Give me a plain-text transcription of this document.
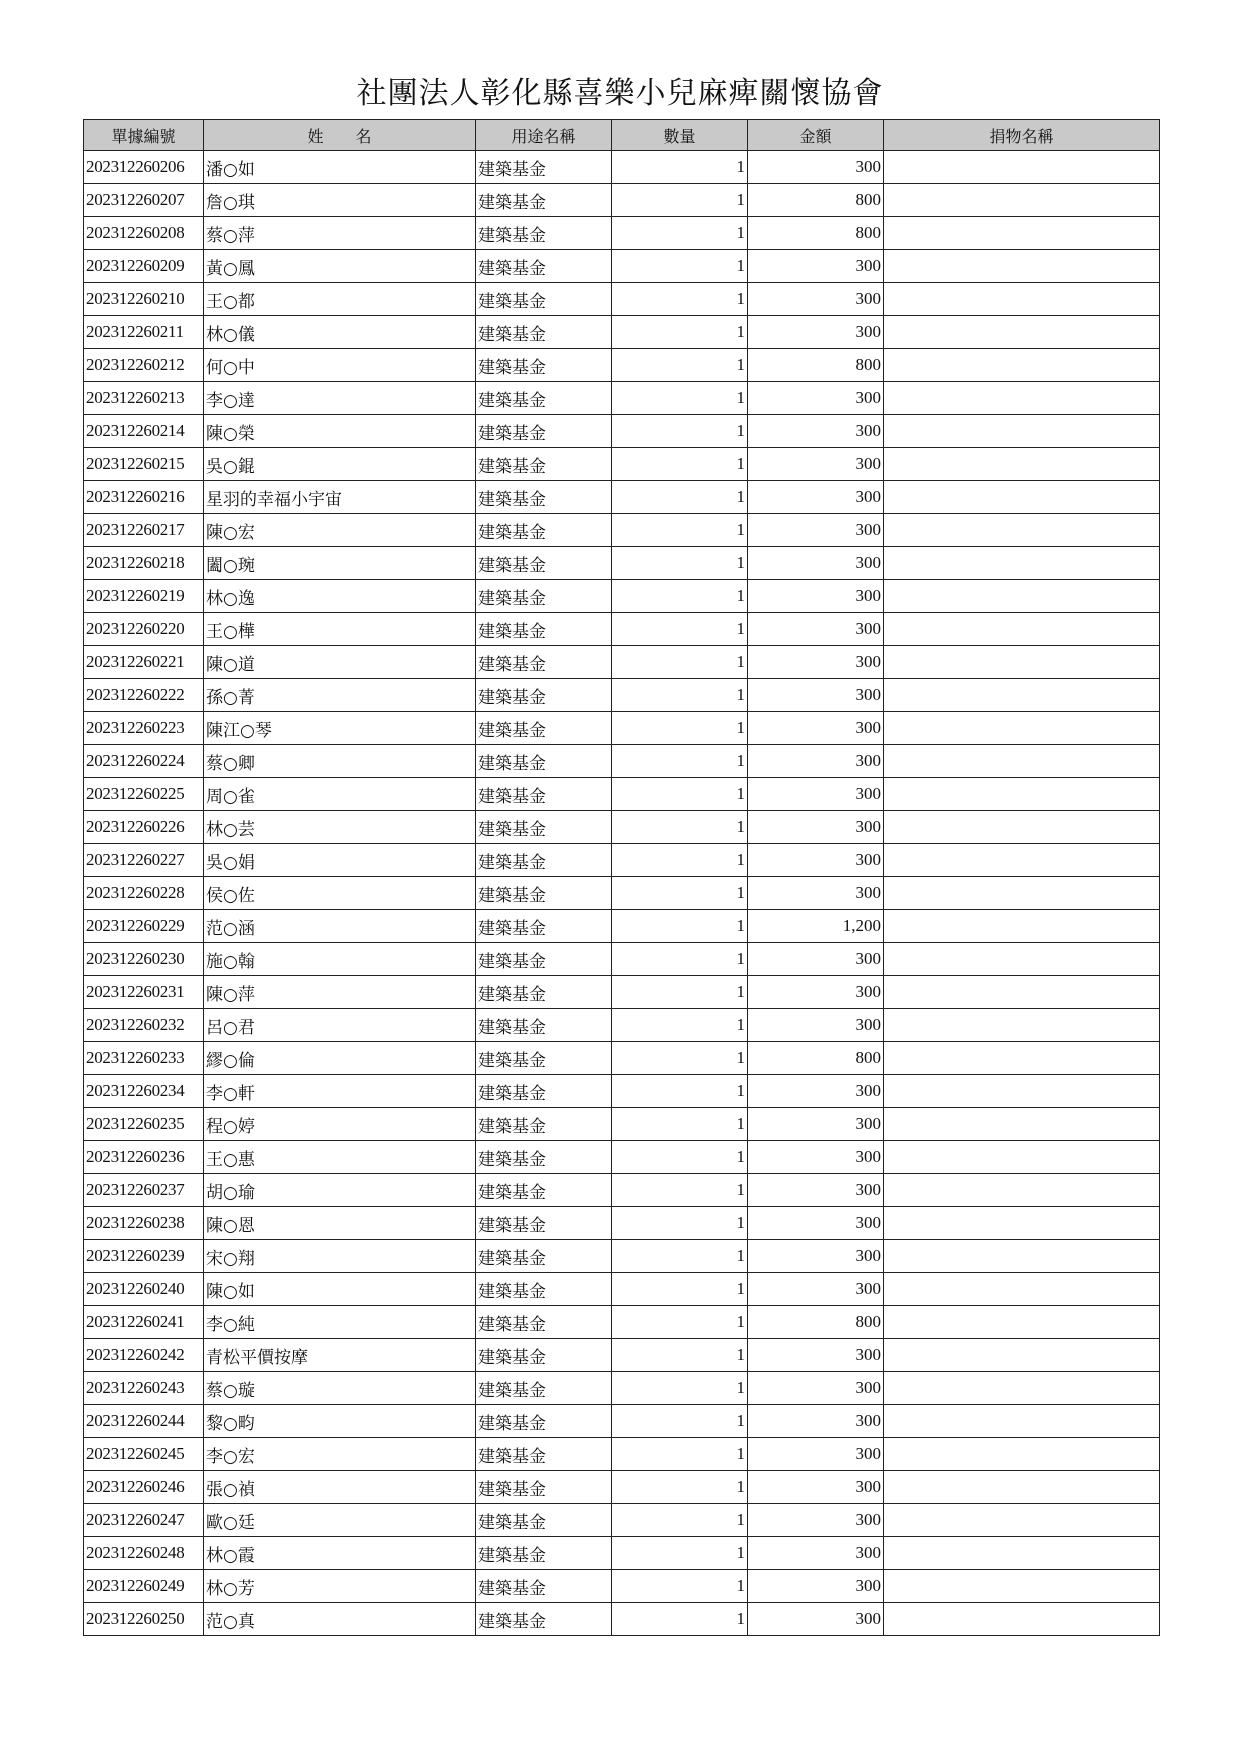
社團法人彰化縣喜樂小兒麻痺關懷協會
單據編號	姓　　名	用途名稱	數量	金額	捐物名稱
202312260206	潘○如	建築基金	1	300	
202312260207	詹○琪	建築基金	1	800	
202312260208	蔡○萍	建築基金	1	800	
202312260209	黃○鳳	建築基金	1	300	
202312260210	王○都	建築基金	1	300	
202312260211	林○儀	建築基金	1	300	
202312260212	何○中	建築基金	1	800	
202312260213	李○達	建築基金	1	300	
202312260214	陳○榮	建築基金	1	300	
202312260215	吳○錕	建築基金	1	300	
202312260216	星羽的幸福小宇宙	建築基金	1	300	
202312260217	陳○宏	建築基金	1	300	
202312260218	闔○琬	建築基金	1	300	
202312260219	林○逸	建築基金	1	300	
202312260220	王○樺	建築基金	1	300	
202312260221	陳○道	建築基金	1	300	
202312260222	孫○菁	建築基金	1	300	
202312260223	陳江○琴	建築基金	1	300	
202312260224	蔡○卿	建築基金	1	300	
202312260225	周○雀	建築基金	1	300	
202312260226	林○芸	建築基金	1	300	
202312260227	吳○娟	建築基金	1	300	
202312260228	侯○佐	建築基金	1	300	
202312260229	范○涵	建築基金	1	1,200	
202312260230	施○翰	建築基金	1	300	
202312260231	陳○萍	建築基金	1	300	
202312260232	呂○君	建築基金	1	300	
202312260233	繆○倫	建築基金	1	800	
202312260234	李○軒	建築基金	1	300	
202312260235	程○婷	建築基金	1	300	
202312260236	王○惠	建築基金	1	300	
202312260237	胡○瑜	建築基金	1	300	
202312260238	陳○恩	建築基金	1	300	
202312260239	宋○翔	建築基金	1	300	
202312260240	陳○如	建築基金	1	300	
202312260241	李○純	建築基金	1	800	
202312260242	青松平價按摩	建築基金	1	300	
202312260243	蔡○璇	建築基金	1	300	
202312260244	黎○畇	建築基金	1	300	
202312260245	李○宏	建築基金	1	300	
202312260246	張○禎	建築基金	1	300	
202312260247	歐○廷	建築基金	1	300	
202312260248	林○霞	建築基金	1	300	
202312260249	林○芳	建築基金	1	300	
202312260250	范○真	建築基金	1	300	
